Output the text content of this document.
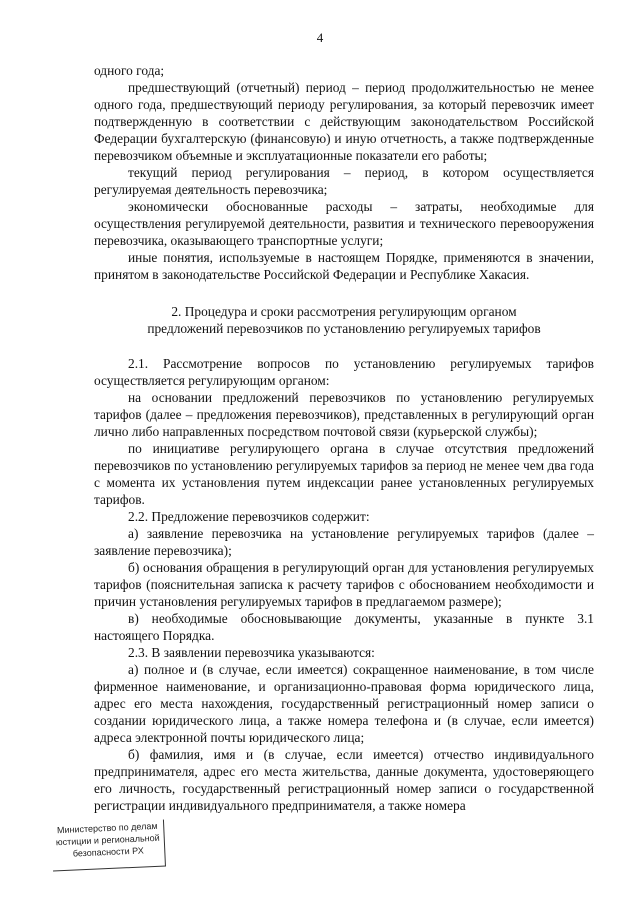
4

одного года;

предшествующий (отчетный) период – период продолжительностью не менее одного года, предшествующий периоду регулирования, за который перевозчик имеет подтвержденную в соответствии с действующим законодательством Российской Федерации бухгалтерскую (финансовую) и иную отчетность, а также подтвержденные перевозчиком объемные и эксплуатационные показатели его работы;

текущий период регулирования – период, в котором осуществляется регулируемая деятельность перевозчика;

экономически обоснованные расходы – затраты, необходимые для осуществления регулируемой деятельности, развития и технического перевооружения перевозчика, оказывающего транспортные услуги;

иные понятия, используемые в настоящем Порядке, применяются в значении, принятом в законодательстве Российской Федерации и Республике Хакасия.

2. Процедура и сроки рассмотрения регулирующим органом
предложений перевозчиков по установлению регулируемых тарифов

2.1. Рассмотрение вопросов по установлению регулируемых тарифов осуществляется регулирующим органом:

на основании предложений перевозчиков по установлению регулируемых тарифов (далее – предложения перевозчиков), представленных в регулирующий орган лично либо направленных посредством почтовой связи (курьерской службы);

по инициативе регулирующего органа в случае отсутствия предложений перевозчиков по установлению регулируемых тарифов за период не менее чем два года с момента их установления путем индексации ранее установленных регулируемых тарифов.

2.2. Предложение перевозчиков содержит:

а) заявление перевозчика на установление регулируемых тарифов (далее – заявление перевозчика);

б) основания обращения в регулирующий орган для установления регулируемых тарифов (пояснительная записка к расчету тарифов с обоснованием необходимости и причин установления регулируемых тарифов в предлагаемом размере);

в) необходимые обосновывающие документы, указанные в пункте 3.1 настоящего Порядка.

2.3. В заявлении перевозчика указываются:

а) полное и (в случае, если имеется) сокращенное наименование, в том числе фирменное наименование, и организационно-правовая форма юридического лица, адрес его места нахождения, государственный регистрационный номер записи о создании юридического лица, а также номера телефона и (в случае, если имеется) адреса электронной почты юридического лица;

б) фамилия, имя и (в случае, если имеется) отчество индивидуального предпринимателя, адрес его места жительства, данные документа, удостоверяющего его личность, государственный регистрационный номер записи о государственной регистрации индивидуального предпринимателя, а также номера

Министерство по делам
юстиции и региональной
безопасности РХ
